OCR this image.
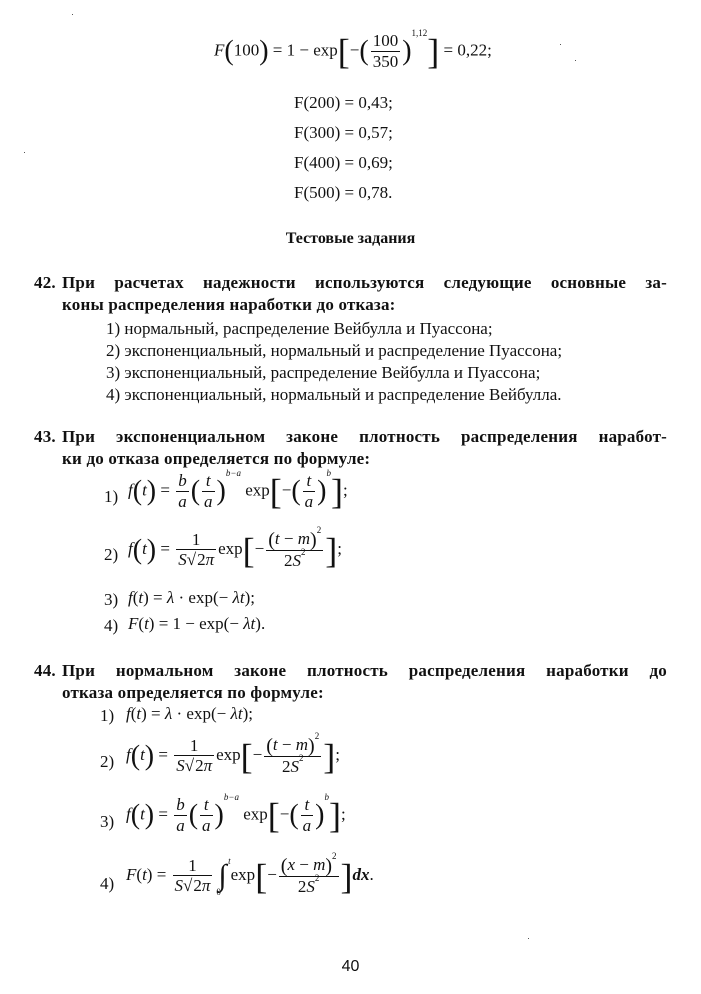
$F(100) = 1 - \exp[-( \frac{100}{350} )^{1,12}] = 0,22$;
F(200) = 0,43;
F(300) = 0,57;
F(400) = 0,69;
F(500) = 0,78.
Тестовые задания
42. При расчетах надежности используются следующие основные за-
коны распределения наработки до отказа:
1) нормальный, распределение Вейбулла и Пуассона;
2) экспоненциальный, нормальный и распределение Пуассона;
3) экспоненциальный, распределение Вейбулла и Пуассона;
4) экспоненциальный, нормальный и распределение Вейбулла.
43. При экспоненциальном законе плотность распределения наработ-
ки до отказа определяется по формуле:
1) $f(t) = \frac{b}{a}$ ( $\frac{t}{a} )^{b-a}$ $\exp[-( \frac{t}{a} )^b]$;
2) $f(t) = \frac{1}{S√2\pi} \exp[- \frac{(t - m)^2}{2S^2}$ ];
3) f(t) = λ · exp(− λt);
4) F(t) = 1 − exp(− λt).
44. При нормальном законе плотность распределения наработки до
отказа определяется по формуле:
1) f(t) = λ · exp(− λt);
2) $f(t) = \frac{1}{S√2\pi} \exp[- \frac{(t - m)^2}{2S^2}$ ];
3) $f(t) = \frac{b}{a}$ ( $\frac{t}{a} )^{b-a}$ $\exp[-( \frac{t}{a} )^b]$;
4) $F(t) = \frac{1}{S√2\pi}$ ∫ t
0
$\exp[- \frac{(x - m)^2}{2S^2} ]dx$.
40
